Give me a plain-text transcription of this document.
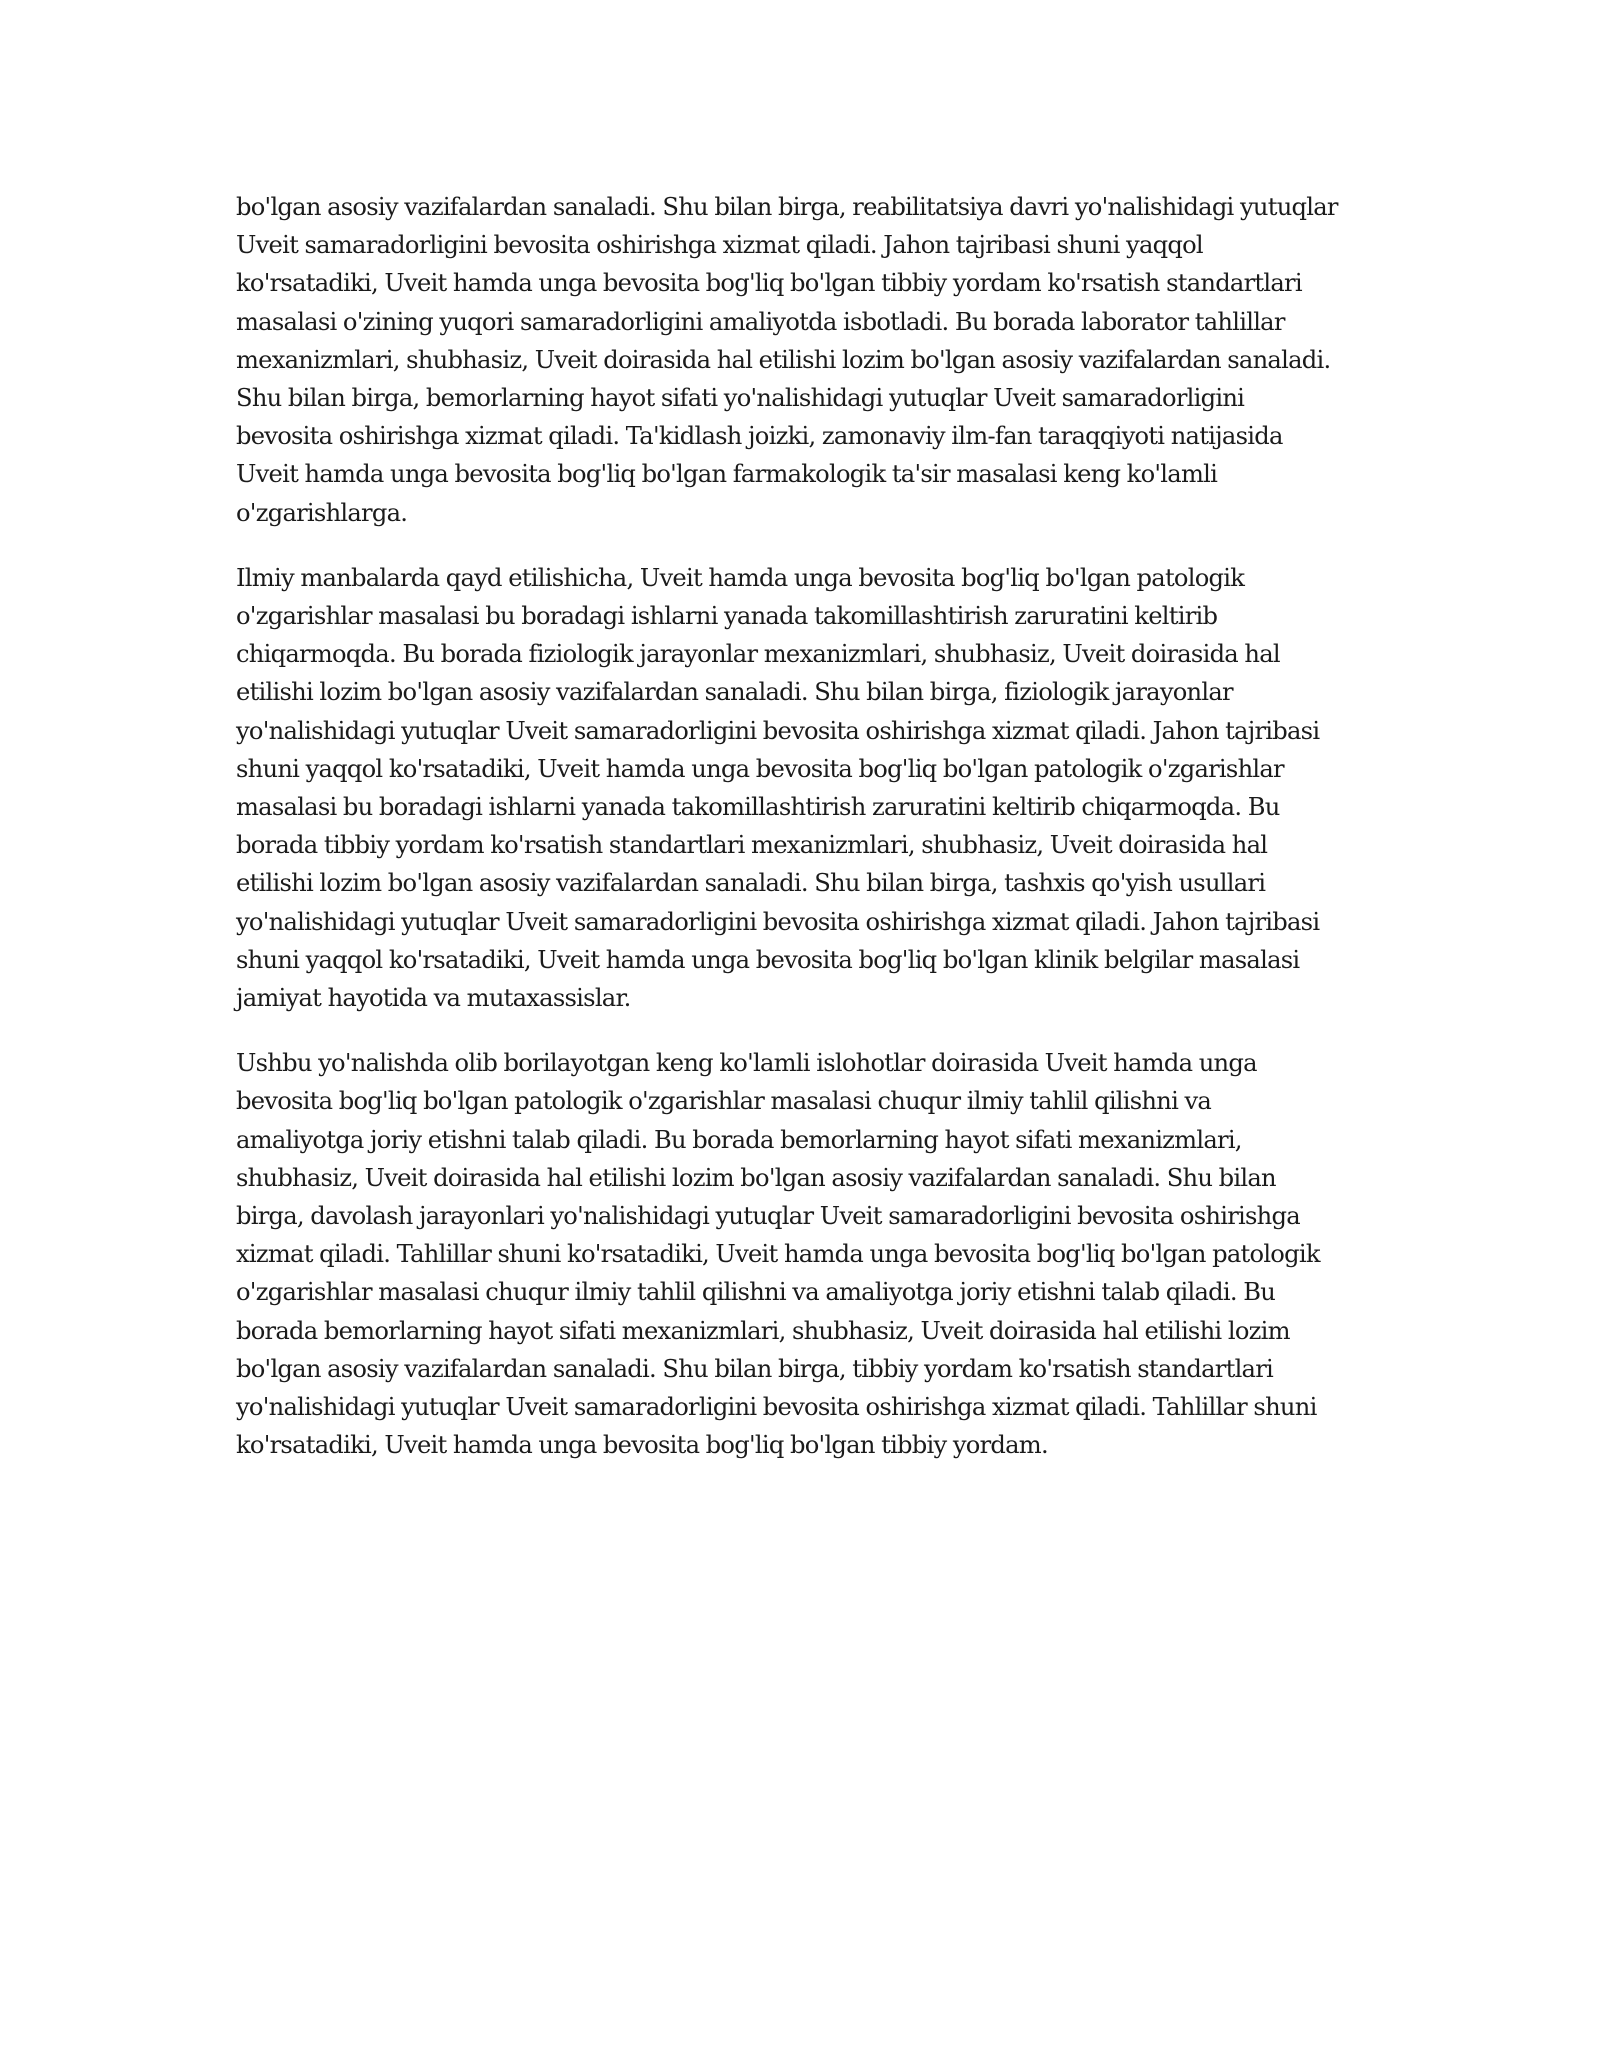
bo'lgan asosiy vazifalardan sanaladi. Shu bilan birga, reabilitatsiya davri yo'nalishidagi yutuqlar
Uveit samaradorligini bevosita oshirishga xizmat qiladi. Jahon tajribasi shuni yaqqol
ko'rsatadiki, Uveit hamda unga bevosita bog'liq bo'lgan tibbiy yordam ko'rsatish standartlari
masalasi o'zining yuqori samaradorligini amaliyotda isbotladi. Bu borada laborator tahlillar
mexanizmlari, shubhasiz, Uveit doirasida hal etilishi lozim bo'lgan asosiy vazifalardan sanaladi.
Shu bilan birga, bemorlarning hayot sifati yo'nalishidagi yutuqlar Uveit samaradorligini
bevosita oshirishga xizmat qiladi. Ta'kidlash joizki, zamonaviy ilm-fan taraqqiyoti natijasida
Uveit hamda unga bevosita bog'liq bo'lgan farmakologik ta'sir masalasi keng ko'lamli
o'zgarishlarga.

Ilmiy manbalarda qayd etilishicha, Uveit hamda unga bevosita bog'liq bo'lgan patologik
o'zgarishlar masalasi bu boradagi ishlarni yanada takomillashtirish zaruratini keltirib
chiqarmoqda. Bu borada fiziologik jarayonlar mexanizmlari, shubhasiz, Uveit doirasida hal
etilishi lozim bo'lgan asosiy vazifalardan sanaladi. Shu bilan birga, fiziologik jarayonlar
yo'nalishidagi yutuqlar Uveit samaradorligini bevosita oshirishga xizmat qiladi. Jahon tajribasi
shuni yaqqol ko'rsatadiki, Uveit hamda unga bevosita bog'liq bo'lgan patologik o'zgarishlar
masalasi bu boradagi ishlarni yanada takomillashtirish zaruratini keltirib chiqarmoqda. Bu
borada tibbiy yordam ko'rsatish standartlari mexanizmlari, shubhasiz, Uveit doirasida hal
etilishi lozim bo'lgan asosiy vazifalardan sanaladi. Shu bilan birga, tashxis qo'yish usullari
yo'nalishidagi yutuqlar Uveit samaradorligini bevosita oshirishga xizmat qiladi. Jahon tajribasi
shuni yaqqol ko'rsatadiki, Uveit hamda unga bevosita bog'liq bo'lgan klinik belgilar masalasi
jamiyat hayotida va mutaxassislar.

Ushbu yo'nalishda olib borilayotgan keng ko'lamli islohotlar doirasida Uveit hamda unga
bevosita bog'liq bo'lgan patologik o'zgarishlar masalasi chuqur ilmiy tahlil qilishni va
amaliyotga joriy etishni talab qiladi. Bu borada bemorlarning hayot sifati mexanizmlari,
shubhasiz, Uveit doirasida hal etilishi lozim bo'lgan asosiy vazifalardan sanaladi. Shu bilan
birga, davolash jarayonlari yo'nalishidagi yutuqlar Uveit samaradorligini bevosita oshirishga
xizmat qiladi. Tahlillar shuni ko'rsatadiki, Uveit hamda unga bevosita bog'liq bo'lgan patologik
o'zgarishlar masalasi chuqur ilmiy tahlil qilishni va amaliyotga joriy etishni talab qiladi. Bu
borada bemorlarning hayot sifati mexanizmlari, shubhasiz, Uveit doirasida hal etilishi lozim
bo'lgan asosiy vazifalardan sanaladi. Shu bilan birga, tibbiy yordam ko'rsatish standartlari
yo'nalishidagi yutuqlar Uveit samaradorligini bevosita oshirishga xizmat qiladi. Tahlillar shuni
ko'rsatadiki, Uveit hamda unga bevosita bog'liq bo'lgan tibbiy yordam.
